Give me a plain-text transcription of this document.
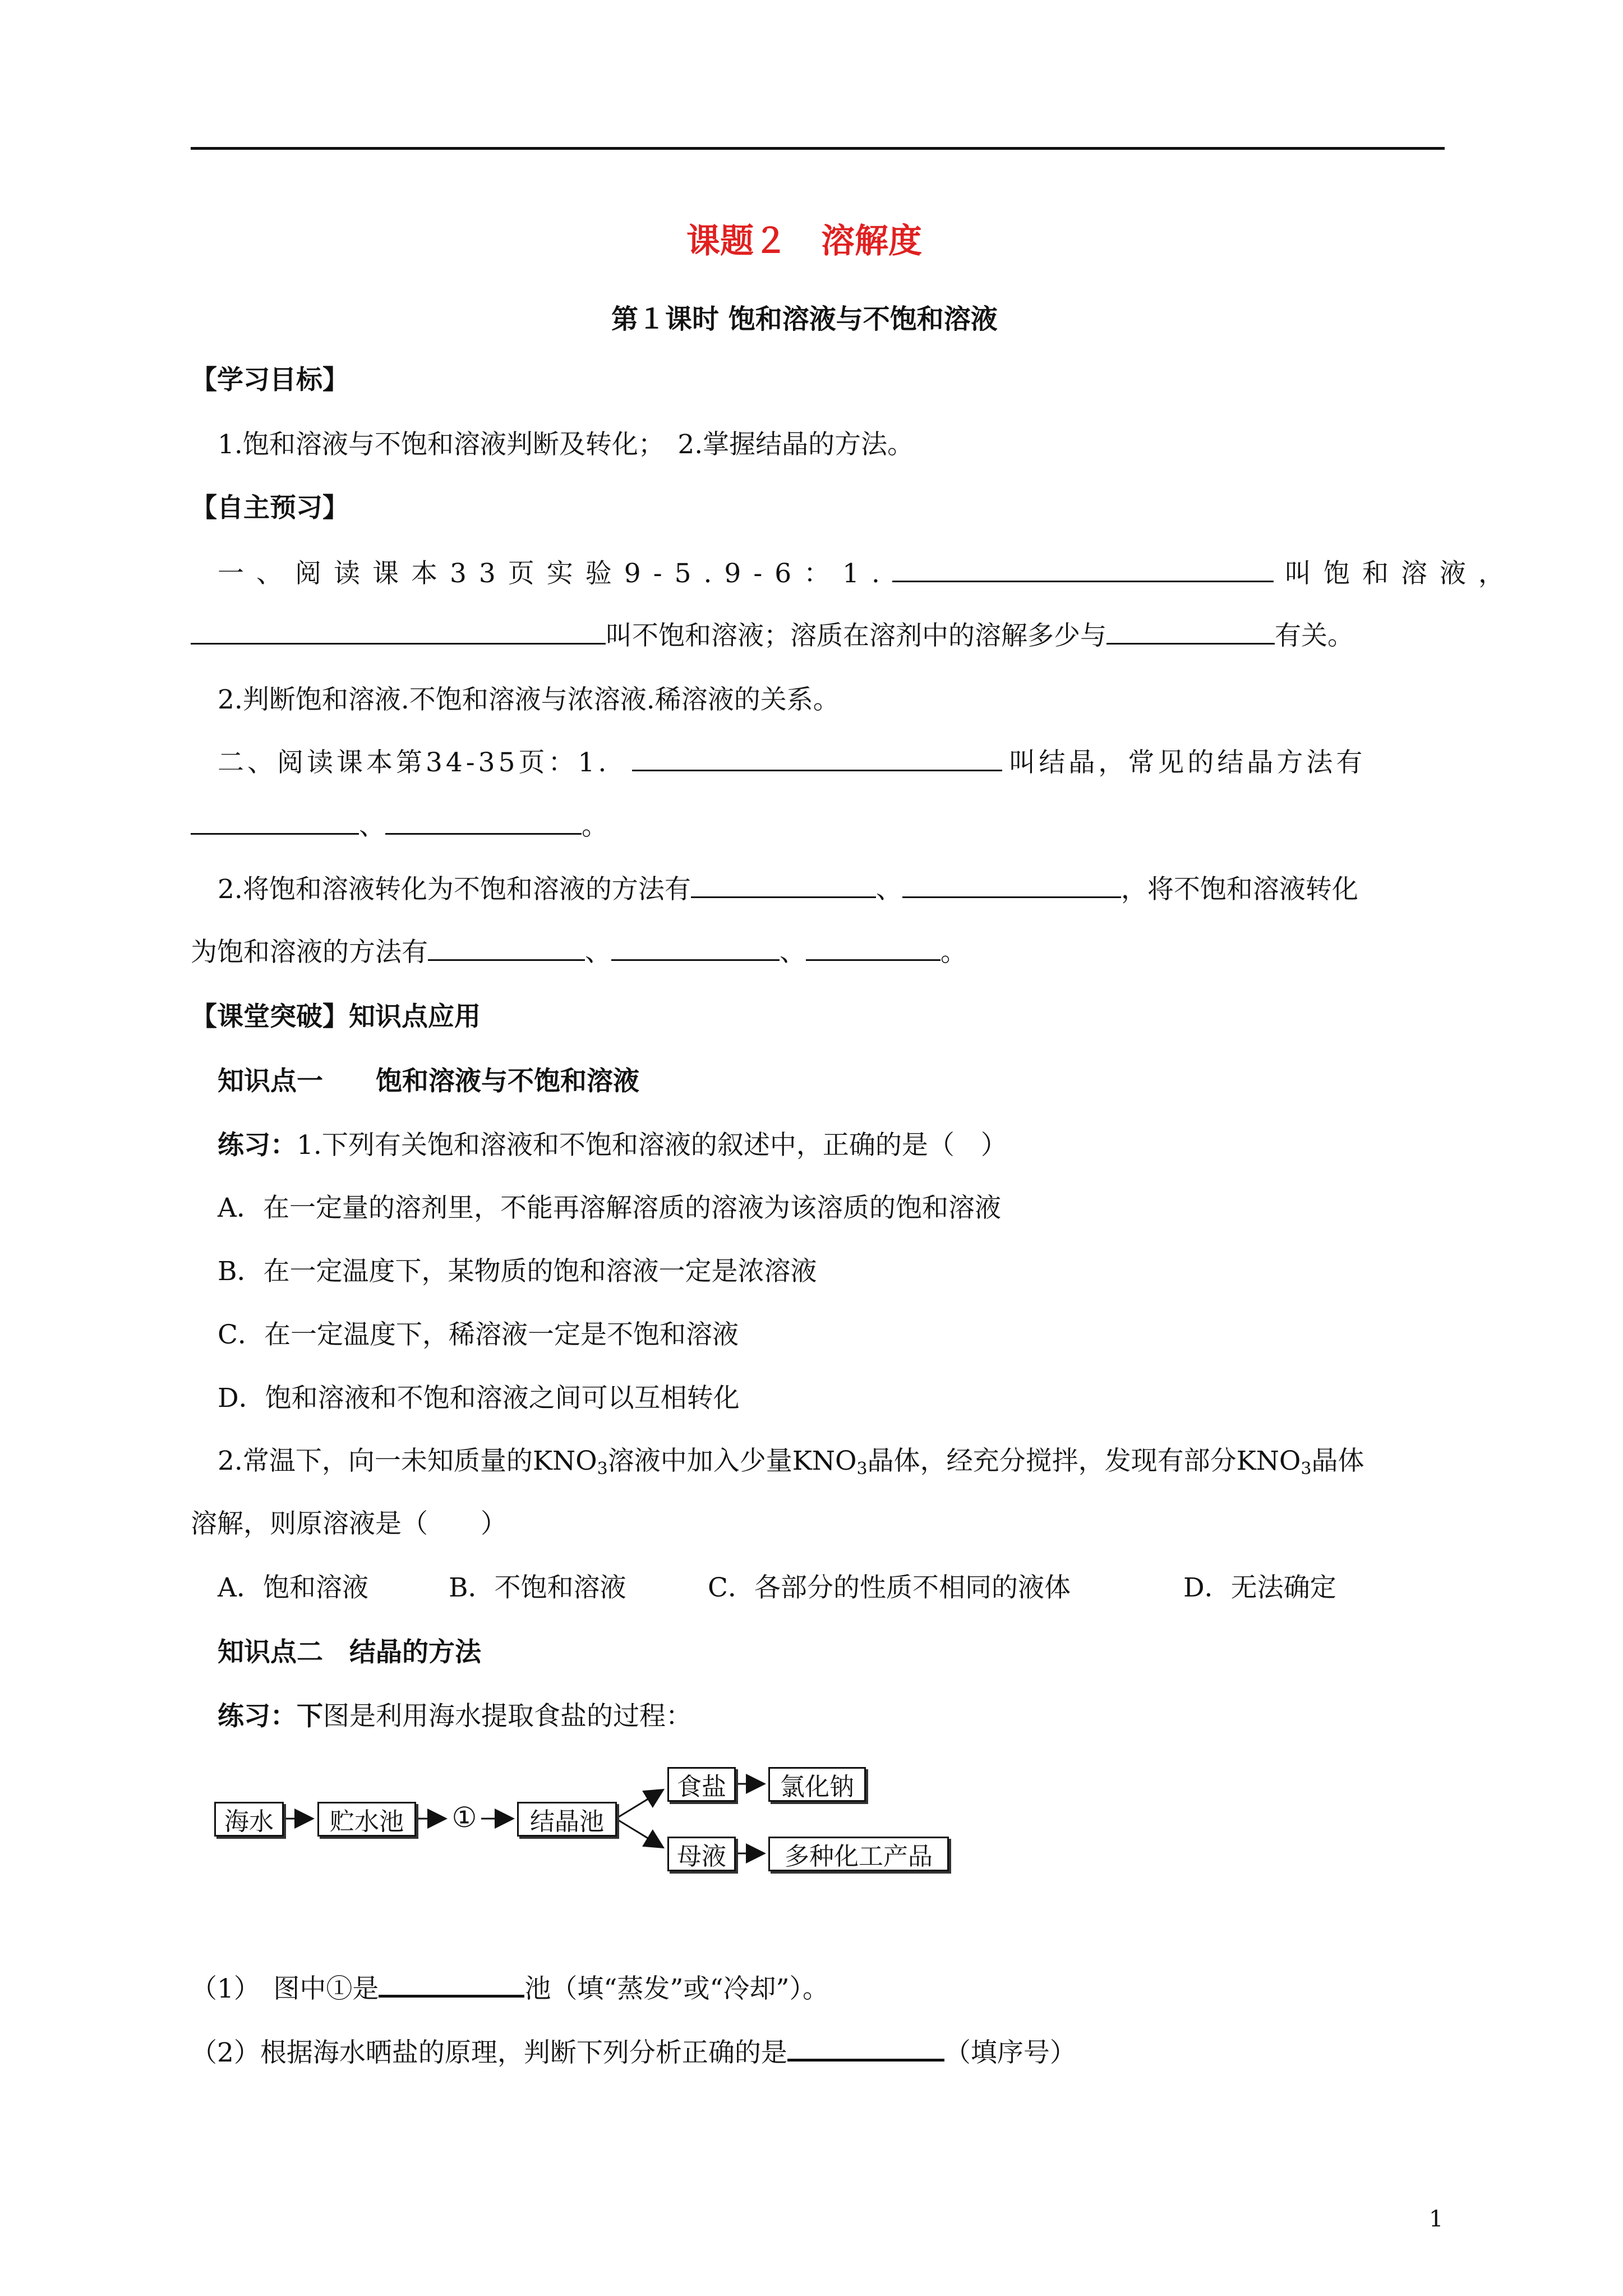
课题２　溶解度
第１课时 饱和溶液与不饱和溶液
【学习目标】
1.饱和溶液与不饱和溶液判断及转化；　2.掌握结晶的方法。
【自主预习】
一、阅读课本33页实验9-5.9-6：1.	叫饱和溶液，
叫不饱和溶液；溶质在溶剂中的溶解多少与	有关。
2.判断饱和溶液.不饱和溶液与浓溶液.稀溶液的关系。
二、阅读课本第34-35页：1.	叫结晶，常见的结晶方法有
、	。
2.将饱和溶液转化为不饱和溶液的方法有	、	，将不饱和溶液转化
为饱和溶液的方法有	、	、	。
【课堂突破】知识点应用
知识点一　　饱和溶液与不饱和溶液
练习：1.下列有关饱和溶液和不饱和溶液的叙述中，正确的是（　）
A．在一定量的溶剂里，不能再溶解溶质的溶液为该溶质的饱和溶液
B．在一定温度下，某物质的饱和溶液一定是浓溶液
C．在一定温度下，稀溶液一定是不饱和溶液
D．饱和溶液和不饱和溶液之间可以互相转化
2.常温下，向一未知质量的$KNO_3$溶液中加入少量$KNO_3$晶体，经充分搅拌，发现有部分$KNO_3$晶体
溶解，则原溶液是（　　）
A．饱和溶液	B．不饱和溶液	C．各部分的性质不相同的液体	D．无法确定
知识点二　结晶的方法
练习：下图是利用海水提取食盐的过程：
海水	贮水池	①	结晶池
食盐	氯化钠
母液	多种化工产品
（1）　图中①是	池（填“蒸发”或“冷却”）。
（2）根据海水晒盐的原理，判断下列分析正确的是	（填序号）
1
